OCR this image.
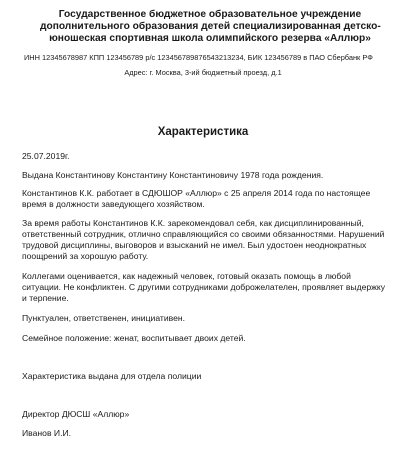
Государственное бюджетное образовательное учреждение
дополнительного образования детей специализированная детско-
юношеская спортивная школа олимпийского резерва «Аллюр»
ИНН 12345678987 КПП 123456789 р/с 123456789876543213234, БИК 123456789 в ПАО Сбербанк РФ
Адрес: г. Москва, 3-ий бюджетный проезд, д.1
Характеристика
25.07.2019г.
Выдана Константинову Константину Константиновичу 1978 года рождения.
Константинов К.К. работает в СДЮШОР «Аллюр» с 25 апреля 2014 года по настоящее
время в должности заведующего хозяйством.
За время работы Константинов К.К. зарекомендовал себя, как дисциплинированный,
ответственный сотрудник, отлично справляющийся со своими обязанностями. Нарушений
трудовой дисциплины, выговоров и взысканий не имел. Был удостоен неоднократных
поощрений за хорошую работу.
Коллегами оценивается, как надежный человек, готовый оказать помощь в любой
ситуации. Не конфликтен. С другими сотрудниками доброжелателен, проявляет выдержку
и терпение.
Пунктуален, ответственен, инициативен.
Семейное положение: женат, воспитывает двоих детей.
Характеристика выдана для отдела полиции
Директор ДЮСШ «Аллюр»
Иванов И.И.
